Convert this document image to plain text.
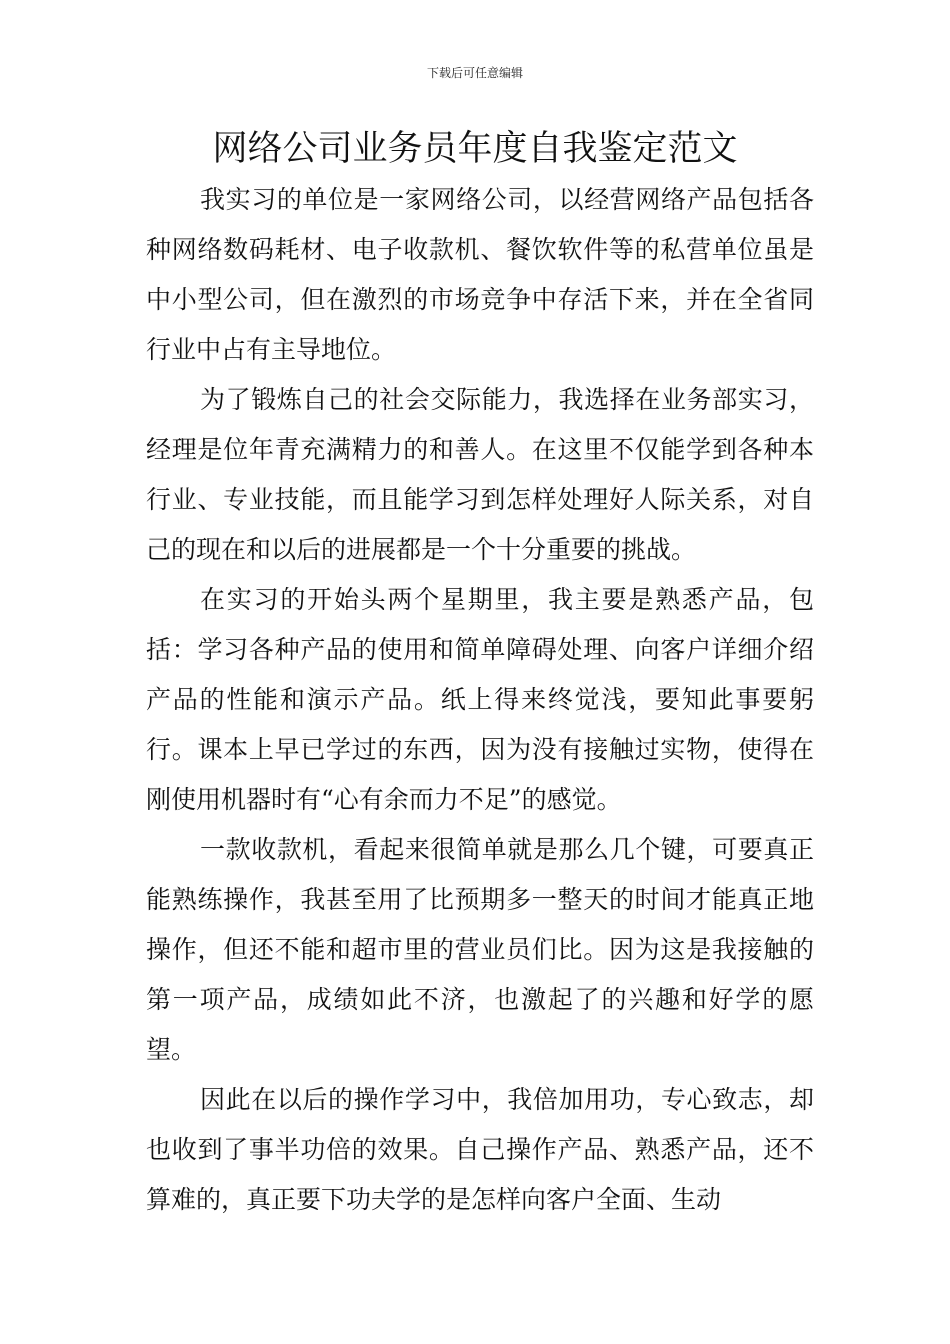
下载后可任意编辑
网络公司业务员年度自我鉴定范文

我实习的单位是一家网络公司，以经营网络产品包括各种网络数码耗材、电子收款机、餐饮软件等的私营单位虽是中小型公司，但在激烈的市场竞争中存活下来，并在全省同行业中占有主导地位。

为了锻炼自己的社会交际能力，我选择在业务部实习，经理是位年青充满精力的和善人。在这里不仅能学到各种本行业、专业技能，而且能学习到怎样处理好人际关系，对自己的现在和以后的进展都是一个十分重要的挑战。

在实习的开始头两个星期里，我主要是熟悉产品，包括：学习各种产品的使用和简单障碍处理、向客户详细介绍产品的性能和演示产品。纸上得来终觉浅，要知此事要躬行。课本上早已学过的东西，因为没有接触过实物，使得在刚使用机器时有“心有余而力不足”的感觉。

一款收款机，看起来很简单就是那么几个键，可要真正能熟练操作，我甚至用了比预期多一整天的时间才能真正地操作，但还不能和超市里的营业员们比。因为这是我接触的第一项产品，成绩如此不济，也激起了的兴趣和好学的愿望。

因此在以后的操作学习中，我倍加用功，专心致志，却也收到了事半功倍的效果。自己操作产品、熟悉产品，还不算难的，真正要下功夫学的是怎样向客户全面、生动
